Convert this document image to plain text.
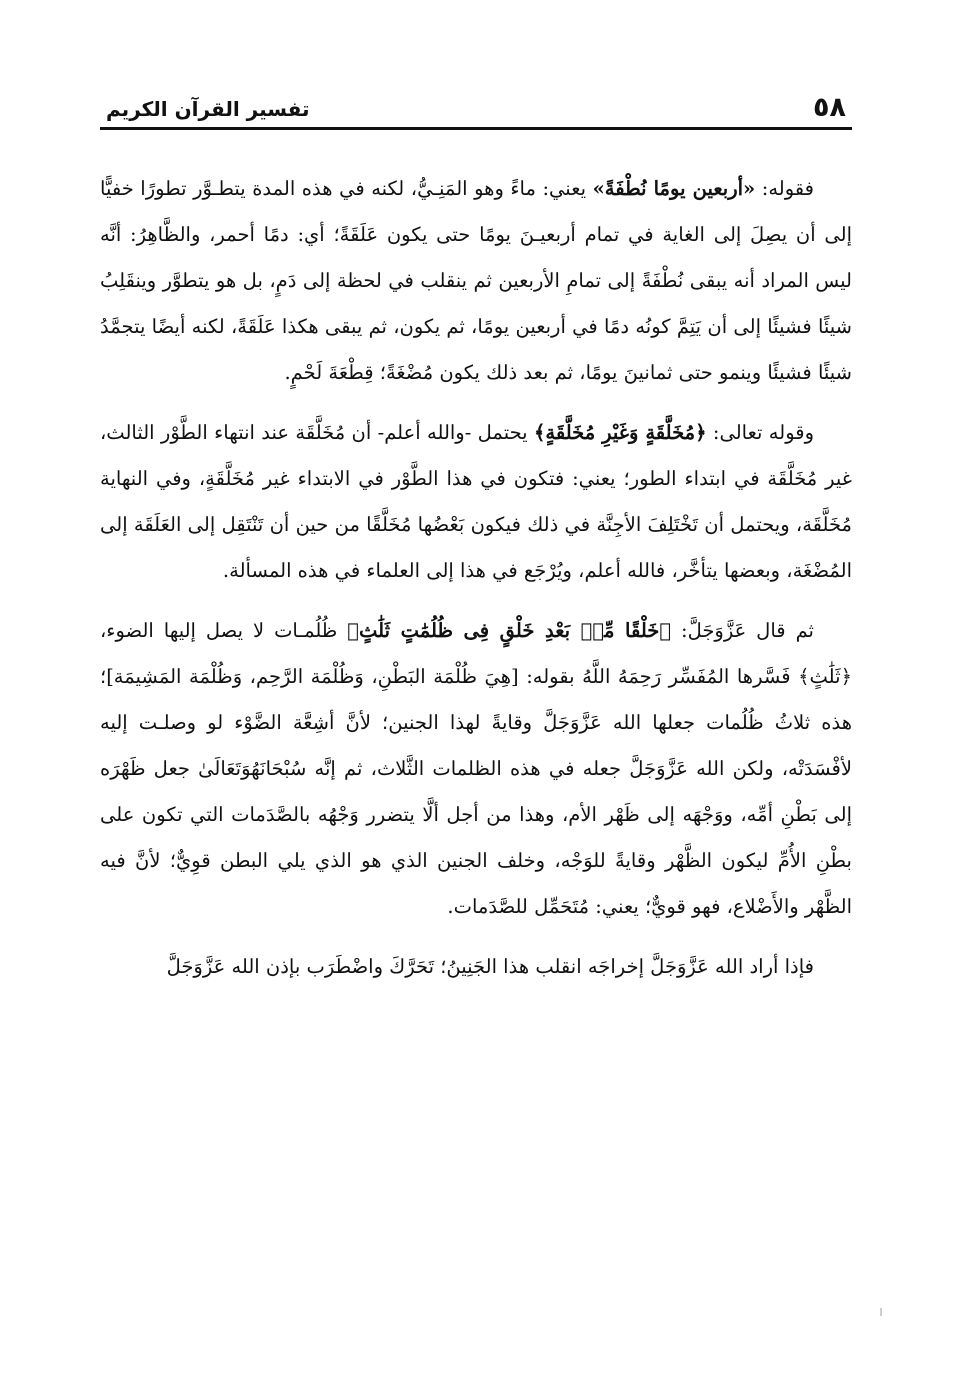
٥٨
تفسير القرآن الكريم

فقوله: «أربعين يومًا نُطْفَةً» يعني: ماءً وهو المَنِـيُّ، لكنه في هذه المدة يتطـوَّر تطورًا خفيًّا إلى أن يصِلَ إلى الغاية في تمام أربعيـنَ يومًا حتى يكون عَلَقَةً؛ أي: دمًا أحمر، والظَّاهِرُ: أنَّه ليس المراد أنه يبقى نُطْفَةً إلى تمامِ الأربعين ثم ينقلب في لحظة إلى دَمٍ، بل هو يتطوَّر وينقَلِبُ شيئًا فشيئًا إلى أن يَتِمَّ كونُه دمًا في أربعين يومًا، ثم يكون، ثم يبقى هكذا عَلَقَةً، لكنه أيضًا يتجمَّدُ شيئًا فشيئًا وينمو حتى ثمانينَ يومًا، ثم بعد ذلك يكون مُضْغَةً؛ قِطْعَةَ لَحْمٍ.

وقوله تعالى: ﴿مُخَلَّقَةٍ وَغَيْرِ مُخَلَّقَةٍ﴾ يحتمل -والله أعلم- أن مُخَلَّقَة عند انتهاء الطَّوْر الثالث، غير مُخَلَّقَة في ابتداء الطور؛ يعني: فتكون في هذا الطَّوْر في الابتداء غير مُخَلَّقَةٍ، وفي النهاية مُخَلَّقَة، ويحتمل أن تَخْتَلِفَ الأجِنَّة في ذلك فيكون بَعْضُها مُخَلَّقًا من حين أن تَنْتَقِل إلى العَلَقَة إلى المُضْغَة، وبعضها يتأخَّر، فالله أعلم، ويُرْجَع في هذا إلى العلماء في هذه المسألة.

ثم قال عَزَّوَجَلَّ: ﴿خَلْقًا مِّنۢ بَعْدِ خَلْقٍ فِى ظُلُمَٰتٍ ثَلَٰثٍ﴾ ظُلُمـات لا يصل إليها الضوء، ﴿ثَلَٰثٍ﴾ فَسَّرها المُفَسِّر رَحِمَهُ اللَّهُ بقوله: [هِيَ ظُلْمَة البَطْنِ، وَظُلْمَة الرَّحِم، وَظُلْمَة المَشِيمَة]؛ هذه ثلاثُ ظُلُمات جعلها الله عَزَّوَجَلَّ وقايةً لهذا الجنين؛ لأنَّ أشِعَّة الضَّوْء لو وصلـت إليه لأفْسَدَتْه، ولكن الله عَزَّوَجَلَّ جعله في هذه الظلمات الثَّلاث، ثم إنَّه سُبْحَانَهُوَتَعَالَىٰ جعل ظَهْرَه إلى بَطْنِ أمِّه، ووَجْهَه إلى ظَهْر الأم، وهذا من أجل ألَّا يتضرر وَجْهُه بالصَّدَمات التي تكون على بطْنِ الأُمِّ ليكون الظَّهْر وقايةً للوَجْه، وخلف الجنين الذي هو الذي يلي البطن قوِيٌّ؛ لأنَّ فيه الظَّهْر والأَضْلاع، فهو قويٌّ؛ يعني: مُتَحَمِّل للصَّدَمات.

فإذا أراد الله عَزَّوَجَلَّ إخراجَه انقلب هذا الجَنِينُ؛ تَحَرَّكَ واضْطَرَب بإذن الله عَزَّوَجَلَّ
